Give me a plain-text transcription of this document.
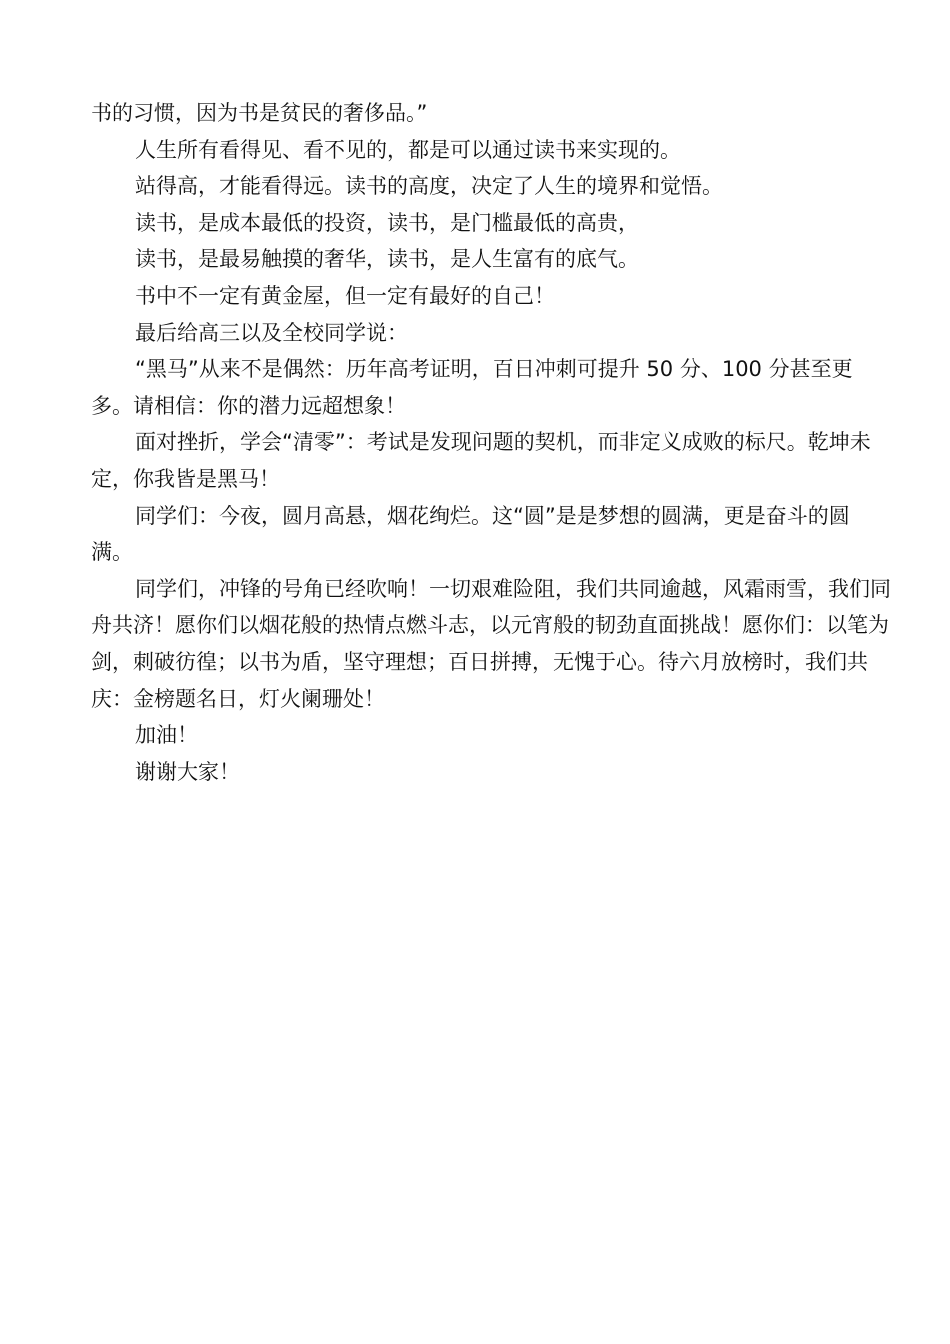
书的习惯，因为书是贫民的奢侈品。”

人生所有看得见、看不见的，都是可以通过读书来实现的。

站得高，才能看得远。读书的高度，决定了人生的境界和觉悟。

读书，是成本最低的投资，读书，是门槛最低的高贵，

读书，是最易触摸的奢华，读书，是人生富有的底气。

书中不一定有黄金屋，但一定有最好的自己！

最后给高三以及全校同学说：

“黑马”从来不是偶然：历年高考证明，百日冲刺可提升 50 分、100 分甚至更多。请相信：你的潜力远超想象！

面对挫折，学会“清零”：考试是发现问题的契机，而非定义成败的标尺。乾坤未定，你我皆是黑马！

同学们：今夜，圆月高悬，烟花绚烂。这“圆”是是梦想的圆满，更是奋斗的圆满。

同学们，冲锋的号角已经吹响！一切艰难险阻，我们共同逾越，风霜雨雪，我们同舟共济！愿你们以烟花般的热情点燃斗志，以元宵般的韧劲直面挑战！愿你们：以笔为剑，刺破彷徨；以书为盾，坚守理想；百日拼搏，无愧于心。待六月放榜时，我们共庆：金榜题名日，灯火阑珊处！

加油！

谢谢大家！
